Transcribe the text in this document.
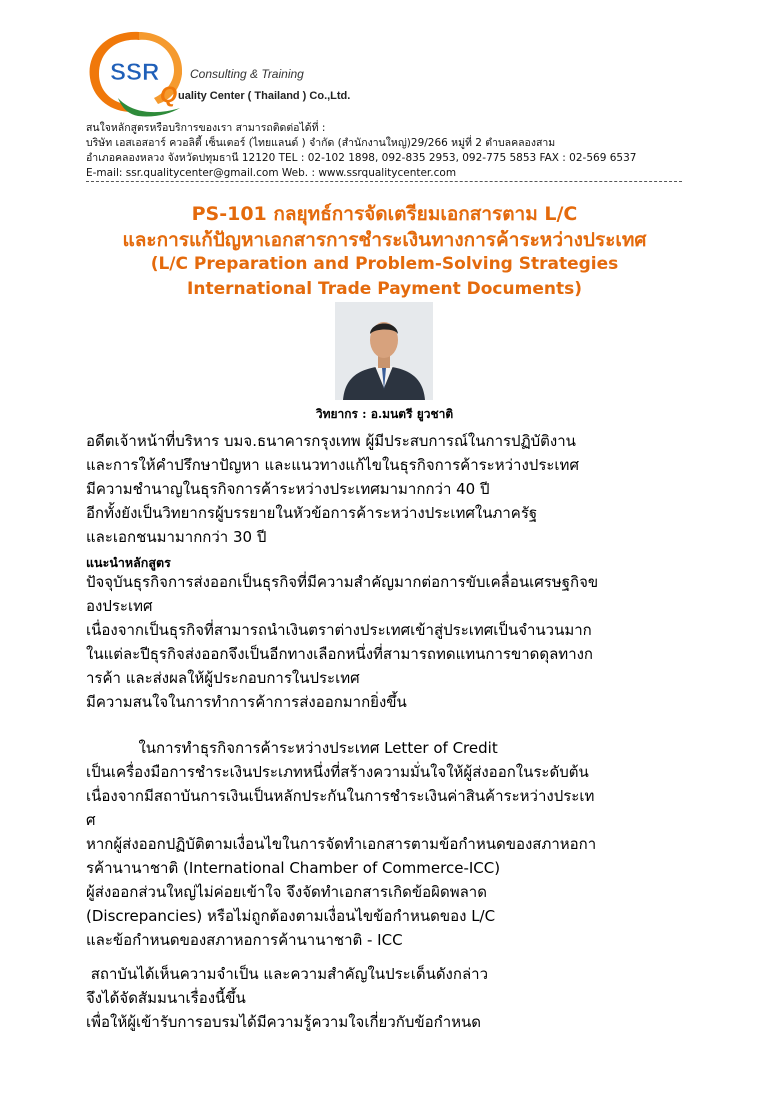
SSR
Q
Consulting & Training
uality Center ( Thailand ) Co.,Ltd.
สนใจหลักสูตรหรือบริการของเรา สามารถติดต่อได้ที่ :
บริษัท เอสเอสอาร์ ควอลิตี้ เซ็นเตอร์ (ไทยแลนด์ ) จำกัด (สำนักงานใหญ่)29/266 หมู่ที่ 2 ตำบลคลองสาม
อำเภอคลองหลวง จังหวัดปทุมธานี 12120 TEL : 02-102 1898, 092-835 2953, 092-775 5853 FAX : 02-569 6537
E-mail: ssr.qualitycenter@gmail.com Web. : www.ssrqualitycenter.com
PS-101 กลยุทธ์การจัดเตรียมเอกสารตาม L/C
และการแก้ปัญหาเอกสารการชำระเงินทางการค้าระหว่างประเทศ
(L/C Preparation and Problem-Solving Strategies
International Trade Payment Documents)
วิทยากร : อ.มนตรี ยูวชาติ
อดีตเจ้าหน้าที่บริหาร บมจ.ธนาคารกรุงเทพ ผู้มีประสบการณ์ในการปฏิบัติงาน
และการให้คำปรึกษาปัญหา และแนวทางแก้ไขในธุรกิจการค้าระหว่างประเทศ
มีความชำนาญในธุรกิจการค้าระหว่างประเทศมามากกว่า 40 ปี
อีกทั้งยังเป็นวิทยากรผู้บรรยายในหัวข้อการค้าระหว่างประเทศในภาครัฐ
และเอกชนมามากกว่า 30 ปี
แนะนำหลักสูตร
ปัจจุบันธุรกิจการส่งออกเป็นธุรกิจที่มีความสำคัญมากต่อการขับเคลื่อนเศรษฐกิจข
องประเทศ
เนื่องจากเป็นธุรกิจที่สามารถนำเงินตราต่างประเทศเข้าสู่ประเทศเป็นจำนวนมาก
ในแต่ละปีธุรกิจส่งออกจึงเป็นอีกทางเลือกหนึ่งที่สามารถทดแทนการขาดดุลทางก
ารค้า และส่งผลให้ผู้ประกอบการในประเทศ
มีความสนใจในการทำการค้าการส่งออกมากยิ่งขึ้น
ในการทำธุรกิจการค้าระหว่างประเทศ Letter of Credit
เป็นเครื่องมือการชำระเงินประเภทหนึ่งที่สร้างความมั่นใจให้ผู้ส่งออกในระดับต้น
เนื่องจากมีสถาบันการเงินเป็นหลักประกันในการชำระเงินค่าสินค้าระหว่างประเท
ศ
หากผู้ส่งออกปฏิบัติตามเงื่อนไขในการจัดทำเอกสารตามข้อกำหนดของสภาหอกา
รค้านานาชาติ (International Chamber of Commerce-ICC)
ผู้ส่งออกส่วนใหญ่ไม่ค่อยเข้าใจ จึงจัดทำเอกสารเกิดข้อผิดพลาด
(Discrepancies) หรือไม่ถูกต้องตามเงื่อนไขข้อกำหนดของ L/C
และข้อกำหนดของสภาหอการค้านานาชาติ - ICC
สถาบันได้เห็นความจำเป็น และความสำคัญในประเด็นดังกล่าว
จึงได้จัดสัมมนาเรื่องนี้ขึ้น
เพื่อให้ผู้เข้ารับการอบรมได้มีความรู้ความใจเกี่ยวกับข้อกำหนด
